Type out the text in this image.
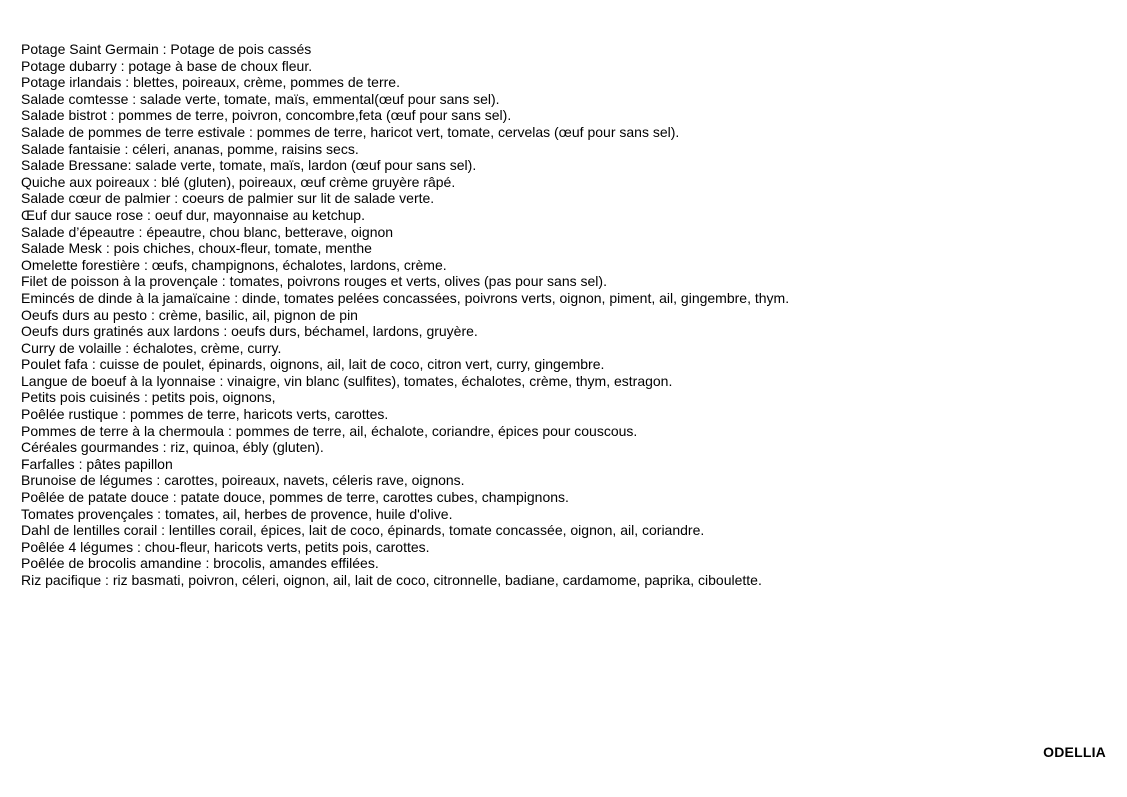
Potage Saint Germain : Potage de pois cassés
Potage dubarry : potage à base de choux fleur.
Potage irlandais : blettes, poireaux, crème, pommes de terre.
Salade comtesse : salade verte, tomate, maïs, emmental(œuf pour sans sel).
Salade bistrot : pommes de terre, poivron, concombre,feta (œuf pour sans sel).
Salade de pommes de terre estivale : pommes de terre, haricot vert, tomate, cervelas (œuf pour sans sel).
Salade fantaisie : céleri, ananas, pomme, raisins secs.
Salade Bressane: salade verte, tomate, maïs, lardon (œuf pour sans sel).
Quiche aux poireaux : blé (gluten), poireaux, œuf crème gruyère râpé.
Salade cœur de palmier : coeurs de palmier sur lit de salade verte.
Œuf dur sauce rose : oeuf dur, mayonnaise au ketchup.
Salade d’épeautre : épeautre, chou blanc, betterave, oignon
Salade Mesk : pois chiches, choux-fleur, tomate, menthe
Omelette forestière : œufs, champignons, échalotes, lardons, crème.
Filet de poisson à la provençale : tomates, poivrons rouges et verts, olives (pas pour sans sel).
Emincés de dinde à la jamaïcaine : dinde, tomates pelées concassées, poivrons verts, oignon, piment, ail, gingembre, thym.
Oeufs durs au pesto : crème, basilic, ail, pignon de pin
Oeufs durs gratinés aux lardons : oeufs durs, béchamel, lardons, gruyère.
Curry de volaille : échalotes, crème, curry.
Poulet fafa : cuisse de poulet, épinards, oignons, ail, lait de coco, citron vert, curry, gingembre.
Langue de boeuf à la lyonnaise : vinaigre, vin blanc (sulfites), tomates, échalotes, crème, thym, estragon.
Petits pois cuisinés : petits pois, oignons,
Poêlée rustique : pommes de terre, haricots verts, carottes.
Pommes de terre à la chermoula : pommes de terre, ail, échalote, coriandre, épices pour couscous.
Céréales gourmandes : riz, quinoa, ébly (gluten).
Farfalles : pâtes papillon
Brunoise de légumes : carottes, poireaux, navets, céleris rave, oignons.
Poêlée de patate douce : patate douce, pommes de terre, carottes cubes, champignons.
Tomates provençales : tomates, ail, herbes de provence, huile d'olive.
Dahl de lentilles corail : lentilles corail, épices, lait de coco, épinards, tomate concassée, oignon, ail, coriandre.
Poêlée 4 légumes : chou-fleur, haricots verts, petits pois, carottes.
Poêlée de brocolis amandine : brocolis, amandes effilées.
Riz pacifique : riz basmati, poivron, céleri, oignon, ail, lait de coco, citronnelle, badiane, cardamome, paprika, ciboulette.
ODELLIA
